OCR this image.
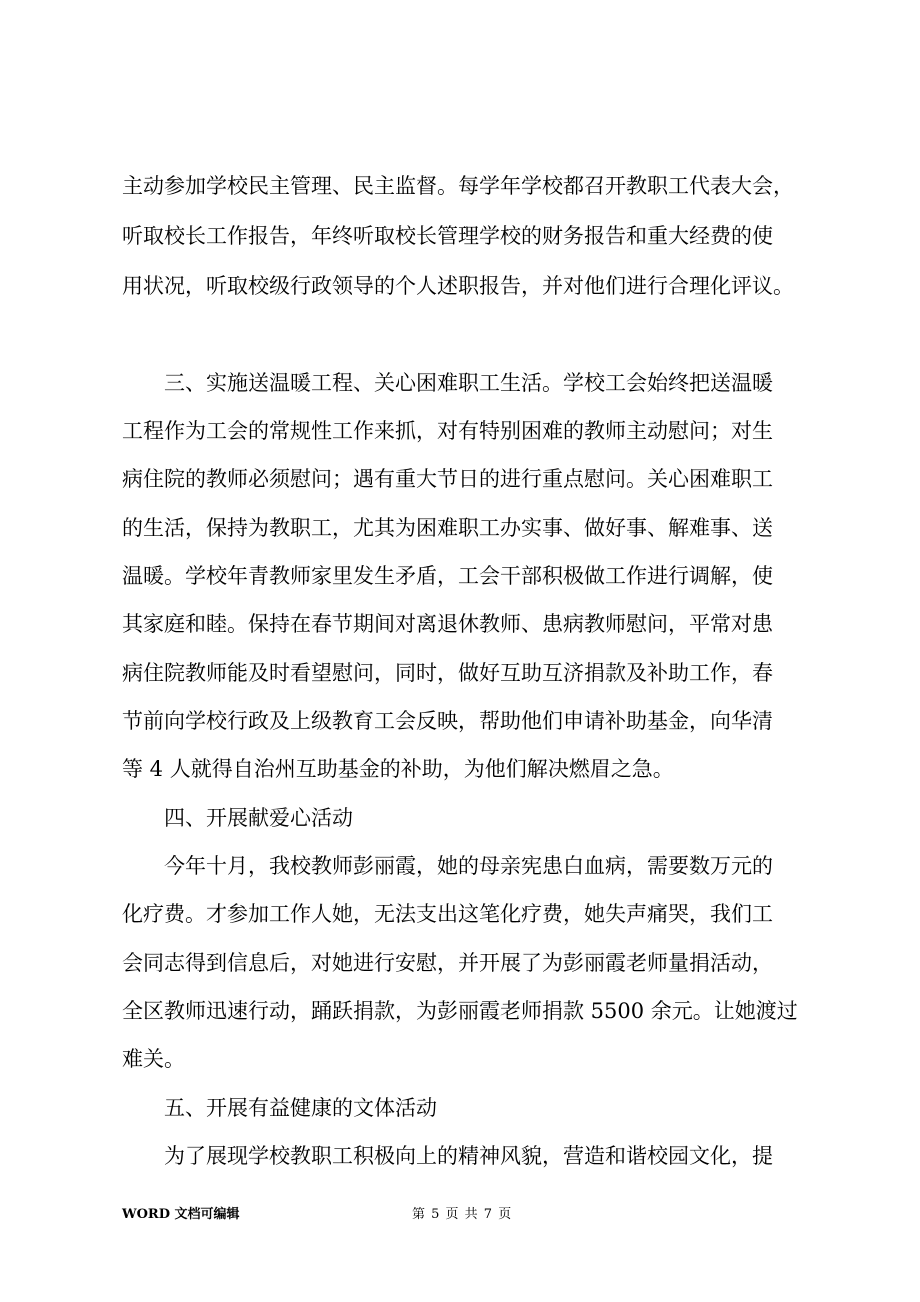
主动参加学校民主管理、民主监督。每学年学校都召开教职工代表大会，
听取校长工作报告，年终听取校长管理学校的财务报告和重大经费的使
用状况，听取校级行政领导的个人述职报告，并对他们进行合理化评议。
三、实施送温暖工程、关心困难职工生活。学校工会始终把送温暖
工程作为工会的常规性工作来抓，对有特别困难的教师主动慰问；对生
病住院的教师必须慰问；遇有重大节日的进行重点慰问。关心困难职工
的生活，保持为教职工，尤其为困难职工办实事、做好事、解难事、送
温暖。学校年青教师家里发生矛盾，工会干部积极做工作进行调解，使
其家庭和睦。保持在春节期间对离退休教师、患病教师慰问，平常对患
病住院教师能及时看望慰问，同时，做好互助互济捐款及补助工作，春
节前向学校行政及上级教育工会反映，帮助他们申请补助基金，向华清
等 4 人就得自治州互助基金的补助，为他们解决燃眉之急。
四、开展献爱心活动
今年十月，我校教师彭丽霞，她的母亲宪患白血病，需要数万元的
化疗费。才参加工作人她，无法支出这笔化疗费，她失声痛哭，我们工
会同志得到信息后，对她进行安慰，并开展了为彭丽霞老师量捐活动，
全区教师迅速行动，踊跃捐款，为彭丽霞老师捐款 5500 余元。让她渡过
难关。
五、开展有益健康的文体活动
为了展现学校教职工积极向上的精神风貌，营造和谐校园文化，提
WORD 文档可编辑	第 5 页 共 7 页
